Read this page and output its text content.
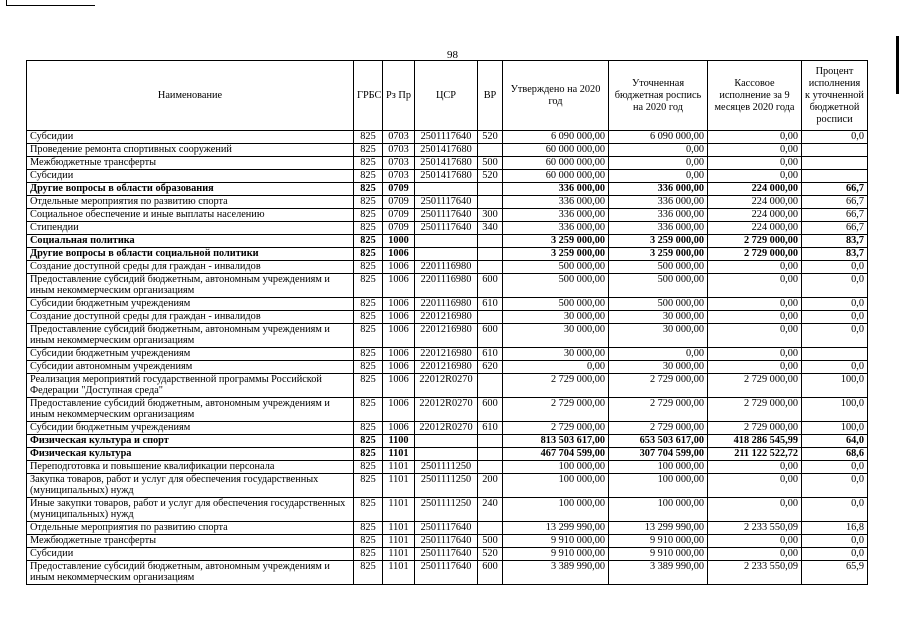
98
Наименование	ГРБС	Рз Пр	ЦСР	ВР	Утверждено на 2020 год	Уточненная бюджетная роспись на 2020 год	Кассовое исполнение за 9 месяцев 2020 года	Процент исполнения к уточненной бюджетной росписи
Субсидии	825	0703	2501117640	520	6 090 000,00	6 090 000,00	0,00	0,0
Проведение ремонта спортивных сооружений	825	0703	2501417680		60 000 000,00	0,00	0,00	
Межбюджетные трансферты	825	0703	2501417680	500	60 000 000,00	0,00	0,00	
Субсидии	825	0703	2501417680	520	60 000 000,00	0,00	0,00	
Другие вопросы в области образования	825	0709			336 000,00	336 000,00	224 000,00	66,7
Отдельные мероприятия по развитию спорта	825	0709	2501117640		336 000,00	336 000,00	224 000,00	66,7
Социальное обеспечение и иные выплаты населению	825	0709	2501117640	300	336 000,00	336 000,00	224 000,00	66,7
Стипендии	825	0709	2501117640	340	336 000,00	336 000,00	224 000,00	66,7
Социальная политика	825	1000			3 259 000,00	3 259 000,00	2 729 000,00	83,7
Другие вопросы в области социальной политики	825	1006			3 259 000,00	3 259 000,00	2 729 000,00	83,7
Создание доступной среды для граждан - инвалидов	825	1006	2201116980		500 000,00	500 000,00	0,00	0,0
Предоставление субсидий бюджетным, автономным учреждениям и иным некоммерческим организациям	825	1006	2201116980	600	500 000,00	500 000,00	0,00	0,0
Субсидии бюджетным учреждениям	825	1006	2201116980	610	500 000,00	500 000,00	0,00	0,0
Создание доступной среды для граждан - инвалидов	825	1006	2201216980		30 000,00	30 000,00	0,00	0,0
Предоставление субсидий бюджетным, автономным учреждениям и иным некоммерческим организациям	825	1006	2201216980	600	30 000,00	30 000,00	0,00	0,0
Субсидии бюджетным учреждениям	825	1006	2201216980	610	30 000,00	0,00	0,00	
Субсидии автономным учреждениям	825	1006	2201216980	620	0,00	30 000,00	0,00	0,0
Реализация мероприятий государственной программы Российской Федерации "Доступная среда"	825	1006	22012R0270		2 729 000,00	2 729 000,00	2 729 000,00	100,0
Предоставление субсидий бюджетным, автономным учреждениям и иным некоммерческим организациям	825	1006	22012R0270	600	2 729 000,00	2 729 000,00	2 729 000,00	100,0
Субсидии бюджетным учреждениям	825	1006	22012R0270	610	2 729 000,00	2 729 000,00	2 729 000,00	100,0
Физическая культура и спорт	825	1100			813 503 617,00	653 503 617,00	418 286 545,99	64,0
Физическая культура	825	1101			467 704 599,00	307 704 599,00	211 122 522,72	68,6
Переподготовка и повышение квалификации персонала	825	1101	2501111250		100 000,00	100 000,00	0,00	0,0
Закупка товаров, работ и услуг для обеспечения государственных (муниципальных) нужд	825	1101	2501111250	200	100 000,00	100 000,00	0,00	0,0
Иные закупки товаров, работ и услуг для обеспечения государственных (муниципальных) нужд	825	1101	2501111250	240	100 000,00	100 000,00	0,00	0,0
Отдельные мероприятия по развитию спорта	825	1101	2501117640		13 299 990,00	13 299 990,00	2 233 550,09	16,8
Межбюджетные трансферты	825	1101	2501117640	500	9 910 000,00	9 910 000,00	0,00	0,0
Субсидии	825	1101	2501117640	520	9 910 000,00	9 910 000,00	0,00	0,0
Предоставление субсидий бюджетным, автономным учреждениям и иным некоммерческим организациям	825	1101	2501117640	600	3 389 990,00	3 389 990,00	2 233 550,09	65,9
